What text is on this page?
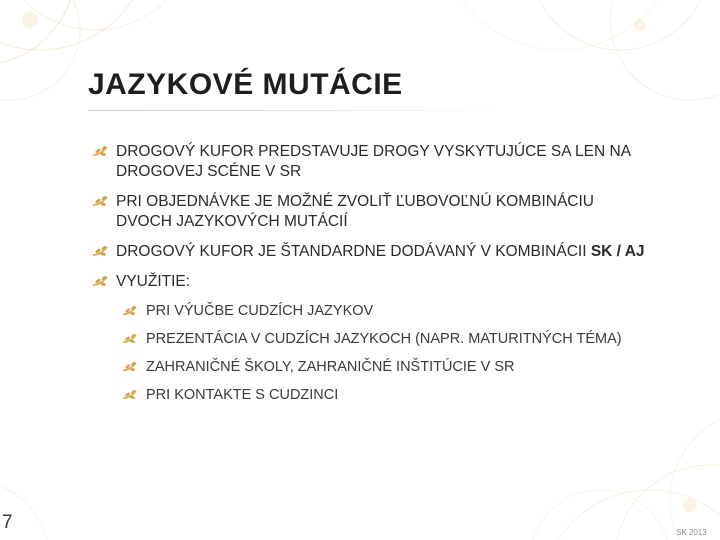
JAZYKOVÉ MUTÁCIE
DROGOVÝ KUFOR PREDSTAVUJE DROGY VYSKYTUJÚCE SA LEN NA DROGOVEJ SCÉNE V SR
PRI OBJEDNÁVKE JE MOŽNÉ ZVOLIŤ ĽUBOVOĽNÚ KOMBINÁCIU DVOCH JAZYKOVÝCH MUTÁCIÍ
DROGOVÝ KUFOR JE ŠTANDARDNE DODÁVANÝ V KOMBINÁCII SK / AJ
VYUŽITIE:
PRI VÝUČBE CUDZÍCH JAZYKOV
PREZENTÁCIA V CUDZÍCH JAZYKOCH (NAPR. MATURITNÝCH TÉMA)
ZAHRANIČNÉ ŠKOLY, ZAHRANIČNÉ INŠTITÚCIE V SR
PRI KONTAKTE S CUDZINCI
7	SK 2013
